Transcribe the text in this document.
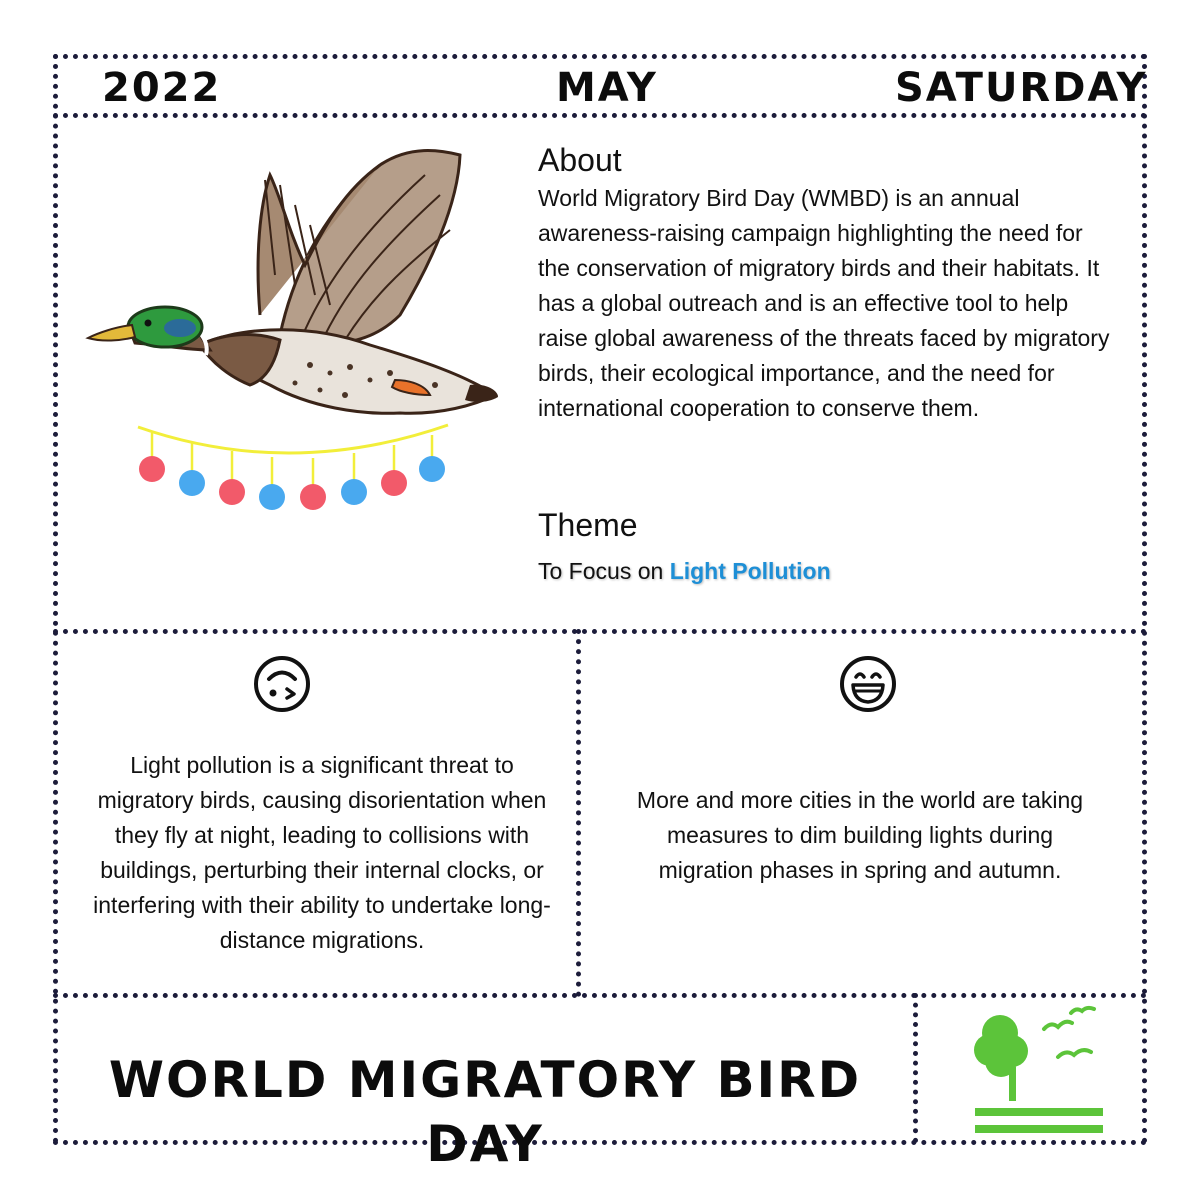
2022	MAY	SATURDAY
About
World Migratory Bird Day (WMBD) is an annual awareness-raising campaign highlighting the need for the conservation of migratory birds and their habitats. It has a global outreach and is an effective tool to help raise global awareness of the threats faced by migratory birds, their ecological importance, and the need for international cooperation to conserve them.
Theme
To Focus on Light Pollution
Light pollution is a significant threat to migratory birds, causing disorientation when they fly at night, leading to collisions with buildings, perturbing their internal clocks, or interfering with their ability to undertake long-distance migrations.
More and more cities in the world are taking measures to dim building lights during migration phases in spring and autumn.
WORLD MIGRATORY BIRD DAY
